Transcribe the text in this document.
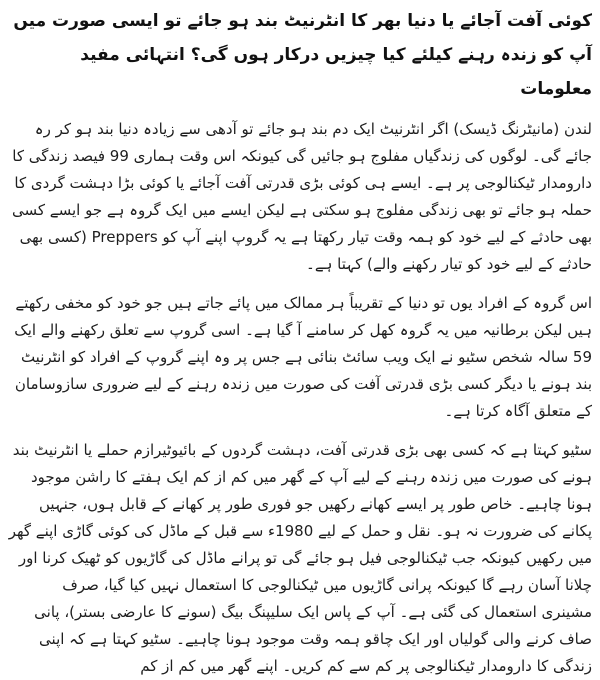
کوئی آفت آجائے یا دنیا بھر کا انٹرنیٹ بند ہو جائے تو ایسی صورت میں آپ کو زندہ رہنے کیلئے کیا چیزیں درکار ہوں گی؟ انتہائی مفید معلومات

لندن (مانیٹرنگ ڈیسک) اگر انٹرنیٹ ایک دم بند ہو جائے تو آدھی سے زیادہ دنیا بند ہو کر رہ جائے گی۔ لوگوں کی زندگیاں مفلوج ہو جائیں گی کیونکہ اس وقت ہماری 99 فیصد زندگی کا دارومدار ٹیکنالوجی پر ہے۔ ایسے ہی کوئی بڑی قدرتی آفت آجائے یا کوئی بڑا دہشت گردی کا حملہ ہو جائے تو بھی زندگی مفلوج ہو سکتی ہے لیکن ایسے میں ایک گروہ ہے جو ایسے کسی بھی حادثے کے لیے خود کو ہمہ وقت تیار رکھتا ہے یہ گروپ اپنے آپ کو Preppers (کسی بھی حادثے کے لیے خود کو تیار رکھنے والے) کہتا ہے۔

اس گروہ کے افراد یوں تو دنیا کے تقریباً ہر ممالک میں پائے جاتے ہیں جو خود کو مخفی رکھتے ہیں لیکن برطانیہ میں یہ گروہ کھل کر سامنے آ گیا ہے۔ اسی گروپ سے تعلق رکھنے والے ایک 59 سالہ شخص سٹیو نے ایک ویب سائٹ بنائی ہے جس پر وہ اپنے گروپ کے افراد کو انٹرنیٹ بند ہونے یا دیگر کسی بڑی قدرتی آفت کی صورت میں زندہ رہنے کے لیے ضروری سازوسامان کے متعلق آگاہ کرتا ہے۔

سٹیو کہتا ہے کہ کسی بھی بڑی قدرتی آفت، دہشت گردوں کے بائیوٹیرازم حملے یا انٹرنیٹ بند ہونے کی صورت میں زندہ رہنے کے لیے آپ کے گھر میں کم از کم ایک ہفتے کا راشن موجود ہونا چاہیے۔ خاص طور پر ایسے کھانے رکھیں جو فوری طور پر کھانے کے قابل ہوں، جنہیں پکانے کی ضرورت نہ ہو۔ نقل و حمل کے لیے 1980ء سے قبل کے ماڈل کی کوئی گاڑی اپنے گھر میں رکھیں کیونکہ جب ٹیکنالوجی فیل ہو جائے گی تو پرانے ماڈل کی گاڑیوں کو ٹھیک کرنا اور چلانا آسان رہے گا کیونکہ پرانی گاڑیوں میں ٹیکنالوجی کا استعمال نہیں کیا گیا، صرف مشینری استعمال کی گئی ہے۔ آپ کے پاس ایک سلیپنگ بیگ (سونے کا عارضی بستر)، پانی صاف کرنے والی گولیاں اور ایک چاقو ہمہ وقت موجود ہونا چاہیے۔ سٹیو کہتا ہے کہ اپنی زندگی کا دارومدار ٹیکنالوجی پر کم سے کم کریں۔ اپنے گھر میں کم از کم
